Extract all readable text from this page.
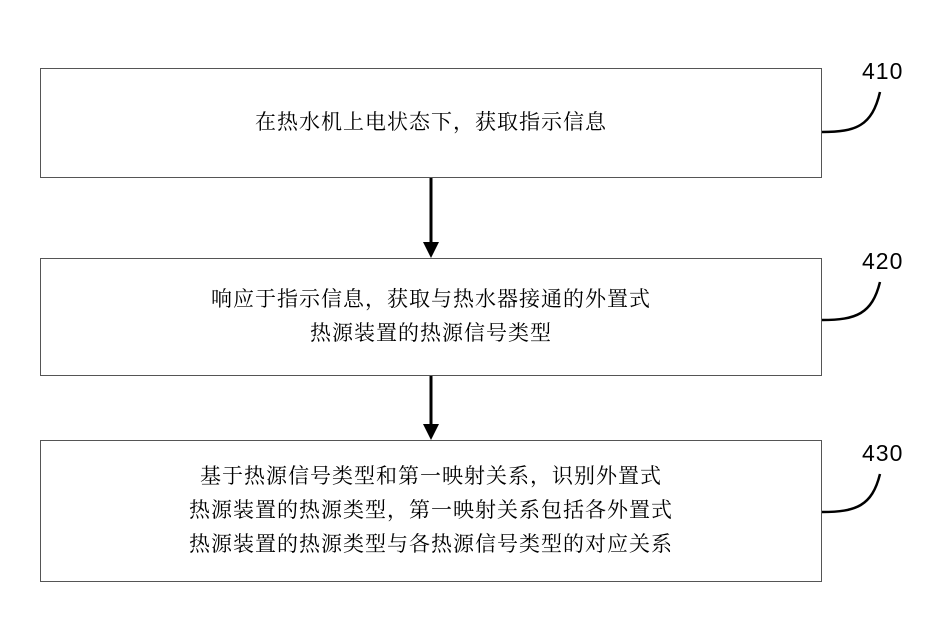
在热水机上电状态下，获取指示信息
410
响应于指示信息，获取与热水器接通的外置式
热源装置的热源信号类型
420
基于热源信号类型和第一映射关系，识别外置式
热源装置的热源类型，第一映射关系包括各外置式
热源装置的热源类型与各热源信号类型的对应关系
430
